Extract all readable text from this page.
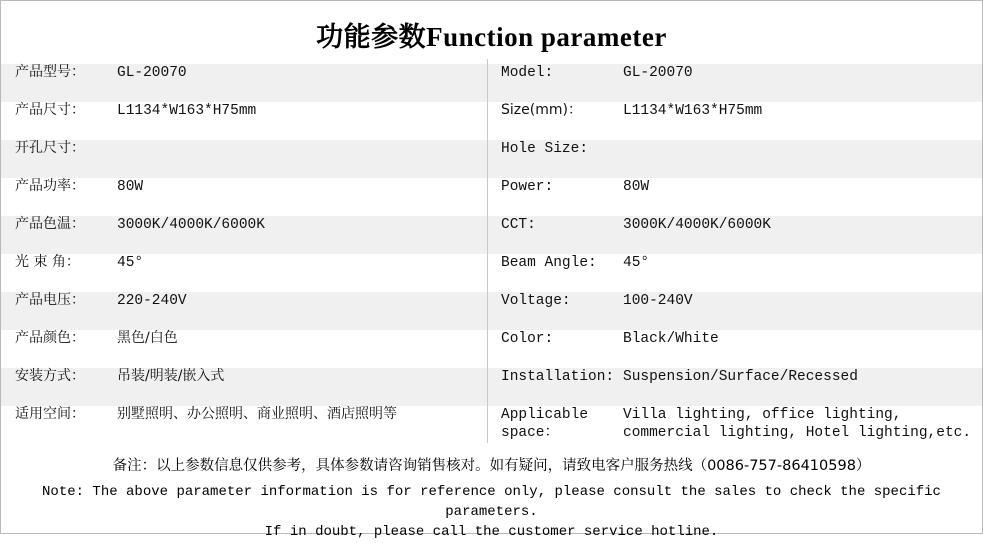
功能参数Function parameter
产品型号：	GL-20070	Model:	GL-20070

产品尺寸：	L1134*W163*H75mm	Size(mm)：	L1134*W163*H75mm

开孔尺寸：		Hole Size:	

产品功率：	80W	Power:	80W

产品色温：	3000K/4000K/6000K	CCT:	3000K/4000K/6000K

光 束 角：	45°	Beam Angle:	45°

产品电压：	220-240V	Voltage:	100-240V

产品颜色：	黑色/白色	Color:	Black/White

安装方式：	吊装/明装/嵌入式	Installation:	Suspension/Surface/Recessed

适用空间：	别墅照明、办公照明、商业照明、酒店照明等	Applicable space：	Villa lighting, office lighting, commercial lighting, Hotel lighting,etc.
备注：以上参数信息仅供参考，具体参数请咨询销售核对。如有疑问，请致电客户服务热线（0086-757-86410598）
Note: The above parameter information is for reference only, please consult the sales to check the specific parameters.
If in doubt, please call the customer service hotline.
